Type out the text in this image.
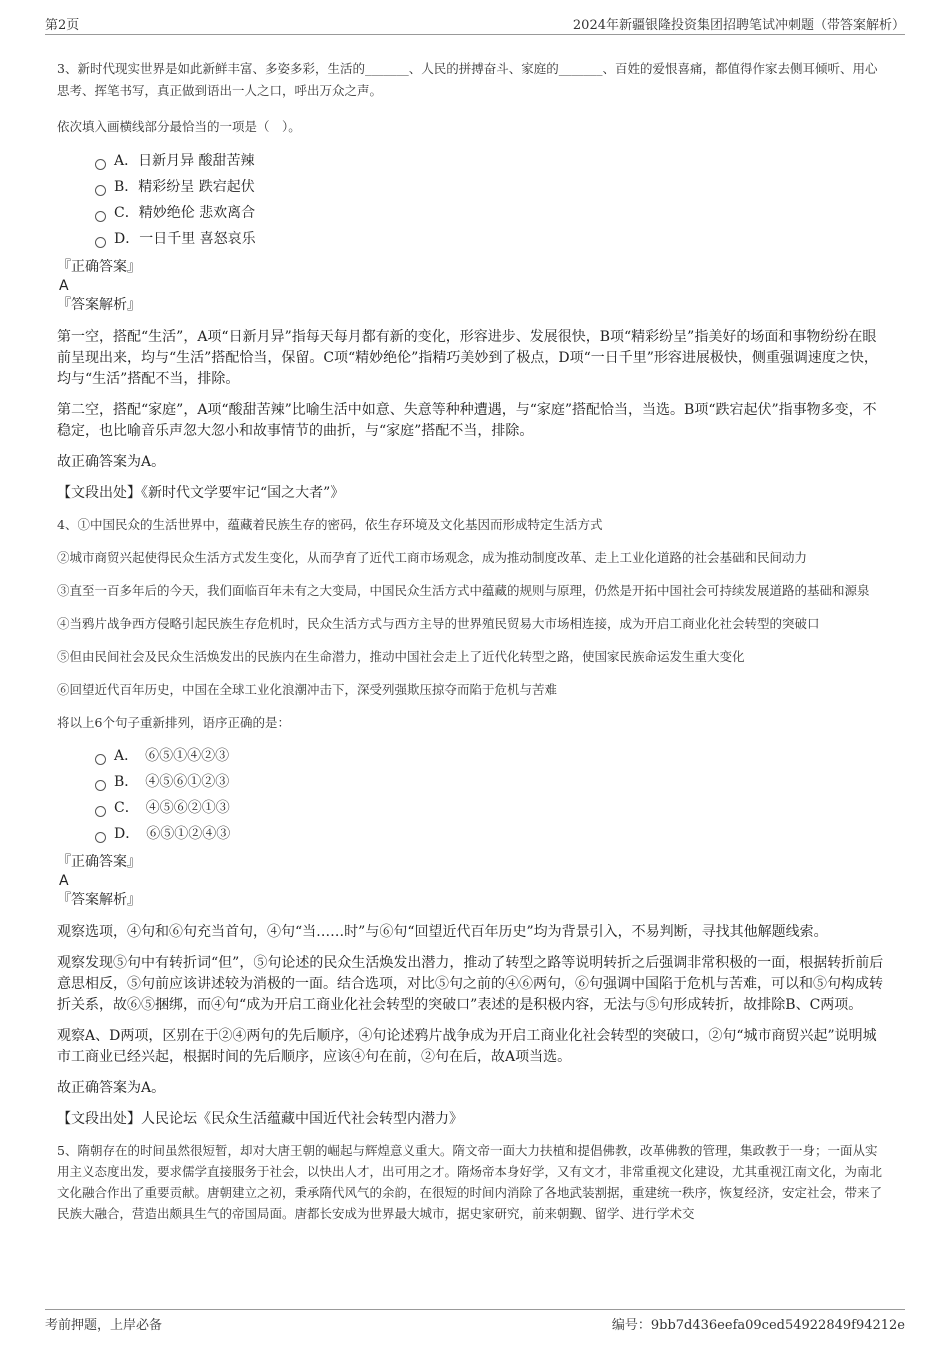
第2页	2024年新疆银隆投资集团招聘笔试冲刺题（带答案解析）

3、新时代现实世界是如此新鲜丰富、多姿多彩，生活的_______、人民的拼搏奋斗、家庭的_______、百姓的爱恨喜痛，都值得作家去侧耳倾听、用心思考、挥笔书写，真正做到语出一人之口，呼出万众之声。

依次填入画横线部分最恰当的一项是（　）。

A．日新月异 酸甜苦辣
B．精彩纷呈 跌宕起伏
C．精妙绝伦 悲欢离合
D．一日千里 喜怒哀乐

『正确答案』

A

『答案解析』

第一空，搭配“生活”，A项“日新月异”指每天每月都有新的变化，形容进步、发展很快，B项“精彩纷呈”指美好的场面和事物纷纷在眼前呈现出来，均与“生活”搭配恰当，保留。C项“精妙绝伦”指精巧美妙到了极点，D项“一日千里”形容进展极快，侧重强调速度之快，均与“生活”搭配不当，排除。

第二空，搭配“家庭”，A项“酸甜苦辣”比喻生活中如意、失意等种种遭遇，与“家庭”搭配恰当，当选。B项“跌宕起伏”指事物多变，不稳定，也比喻音乐声忽大忽小和故事情节的曲折，与“家庭”搭配不当，排除。

故正确答案为A。

【文段出处】《新时代文学要牢记“国之大者”》

4、①中国民众的生活世界中，蕴藏着民族生存的密码，依生存环境及文化基因而形成特定生活方式

②城市商贸兴起使得民众生活方式发生变化，从而孕育了近代工商市场观念，成为推动制度改革、走上工业化道路的社会基础和民间动力

③直至一百多年后的今天，我们面临百年未有之大变局，中国民众生活方式中蕴藏的规则与原理，仍然是开拓中国社会可持续发展道路的基础和源泉

④当鸦片战争西方侵略引起民族生存危机时，民众生活方式与西方主导的世界殖民贸易大市场相连接，成为开启工商业化社会转型的突破口

⑤但由民间社会及民众生活焕发出的民族内在生命潜力，推动中国社会走上了近代化转型之路，使国家民族命运发生重大变化

⑥回望近代百年历史，中国在全球工业化浪潮冲击下，深受列强欺压掠夺而陷于危机与苦难

将以上6个句子重新排列，语序正确的是：

A．　⑥⑤①④②③
B．　④⑤⑥①②③
C．　④⑤⑥②①③
D．　⑥⑤①②④③

『正确答案』

A

『答案解析』

观察选项，④句和⑥句充当首句，④句“当……时”与⑥句“回望近代百年历史”均为背景引入，不易判断，寻找其他解题线索。

观察发现⑤句中有转折词“但”，⑤句论述的民众生活焕发出潜力，推动了转型之路等说明转折之后强调非常积极的一面，根据转折前后意思相反，⑤句前应该讲述较为消极的一面。结合选项，对比⑤句之前的④⑥两句，⑥句强调中国陷于危机与苦难，可以和⑤句构成转折关系，故⑥⑤捆绑，而④句“成为开启工商业化社会转型的突破口”表述的是积极内容，无法与⑤句形成转折，故排除B、C两项。

观察A、D两项，区别在于②④两句的先后顺序，④句论述鸦片战争成为开启工商业化社会转型的突破口，②句“城市商贸兴起”说明城市工商业已经兴起，根据时间的先后顺序，应该④句在前，②句在后，故A项当选。

故正确答案为A。

【文段出处】人民论坛《民众生活蕴藏中国近代社会转型内潜力》

5、隋朝存在的时间虽然很短暂，却对大唐王朝的崛起与辉煌意义重大。隋文帝一面大力扶植和提倡佛教，改革佛教的管理，集政教于一身；一面从实用主义态度出发，要求儒学直接服务于社会，以快出人才，出可用之才。隋炀帝本身好学，又有文才，非常重视文化建设，尤其重视江南文化，为南北文化融合作出了重要贡献。唐朝建立之初，秉承隋代风气的余韵，在很短的时间内消除了各地武装割据，重建统一秩序，恢复经济，安定社会，带来了民族大融合，营造出颇具生气的帝国局面。唐都长安成为世界最大城市，据史家研究，前来朝觐、留学、进行学术交

考前押题，上岸必备	编号：9bb7d436eefa09ced54922849f94212e
